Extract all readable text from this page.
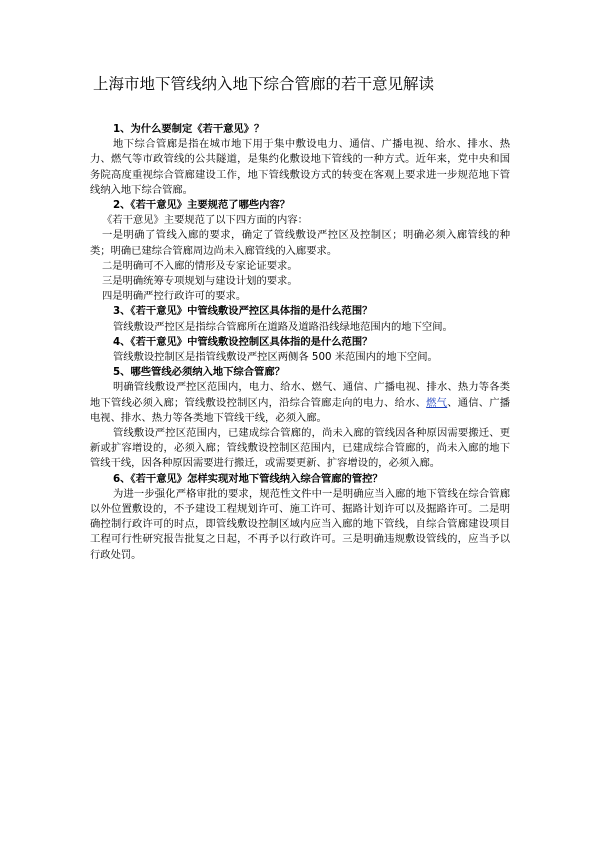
上海市地下管线纳入地下综合管廊的若干意见解读

1、为什么要制定《若干意见》？

地下综合管廊是指在城市地下用于集中敷设电力、通信、广播电视、给水、排水、热力、燃气等市政管线的公共隧道，是集约化敷设地下管线的一种方式。近年来，党中央和国务院高度重视综合管廊建设工作，地下管线敷设方式的转变在客观上要求进一步规范地下管线纳入地下综合管廊。

2、《若干意见》主要规范了哪些内容？

《若干意见》主要规范了以下四方面的内容：

一是明确了管线入廊的要求，确定了管线敷设严控区及控制区；明确必须入廊管线的种类；明确已建综合管廊周边尚未入廊管线的入廊要求。

二是明确可不入廊的情形及专家论证要求。

三是明确统筹专项规划与建设计划的要求。

四是明确严控行政许可的要求。

3、《若干意见》中管线敷设严控区具体指的是什么范围？

管线敷设严控区是指综合管廊所在道路及道路沿线绿地范围内的地下空间。

4、《若干意见》中管线敷设控制区具体指的是什么范围？

管线敷设控制区是指管线敷设严控区两侧各 500 米范围内的地下空间。

5、哪些管线必须纳入地下综合管廊？

明确管线敷设严控区范围内，电力、给水、燃气、通信、广播电视、排水、热力等各类地下管线必须入廊；管线敷设控制区内，沿综合管廊走向的电力、给水、燃气、通信、广播电视、排水、热力等各类地下管线干线，必须入廊。

管线敷设严控区范围内，已建成综合管廊的，尚未入廊的管线因各种原因需要搬迁、更新或扩容增设的，必须入廊；管线敷设控制区范围内，已建成综合管廊的，尚未入廊的地下管线干线，因各种原因需要进行搬迁，或需要更新、扩容增设的，必须入廊。

6、《若干意见》怎样实现对地下管线纳入综合管廊的管控？

为进一步强化严格审批的要求，规范性文件中一是明确应当入廊的地下管线在综合管廊以外位置敷设的，不予建设工程规划许可、施工许可、掘路计划许可以及掘路许可。二是明确控制行政许可的时点，即管线敷设控制区域内应当入廊的地下管线，自综合管廊建设项目工程可行性研究报告批复之日起，不再予以行政许可。三是明确违规敷设管线的，应当予以行政处罚。
